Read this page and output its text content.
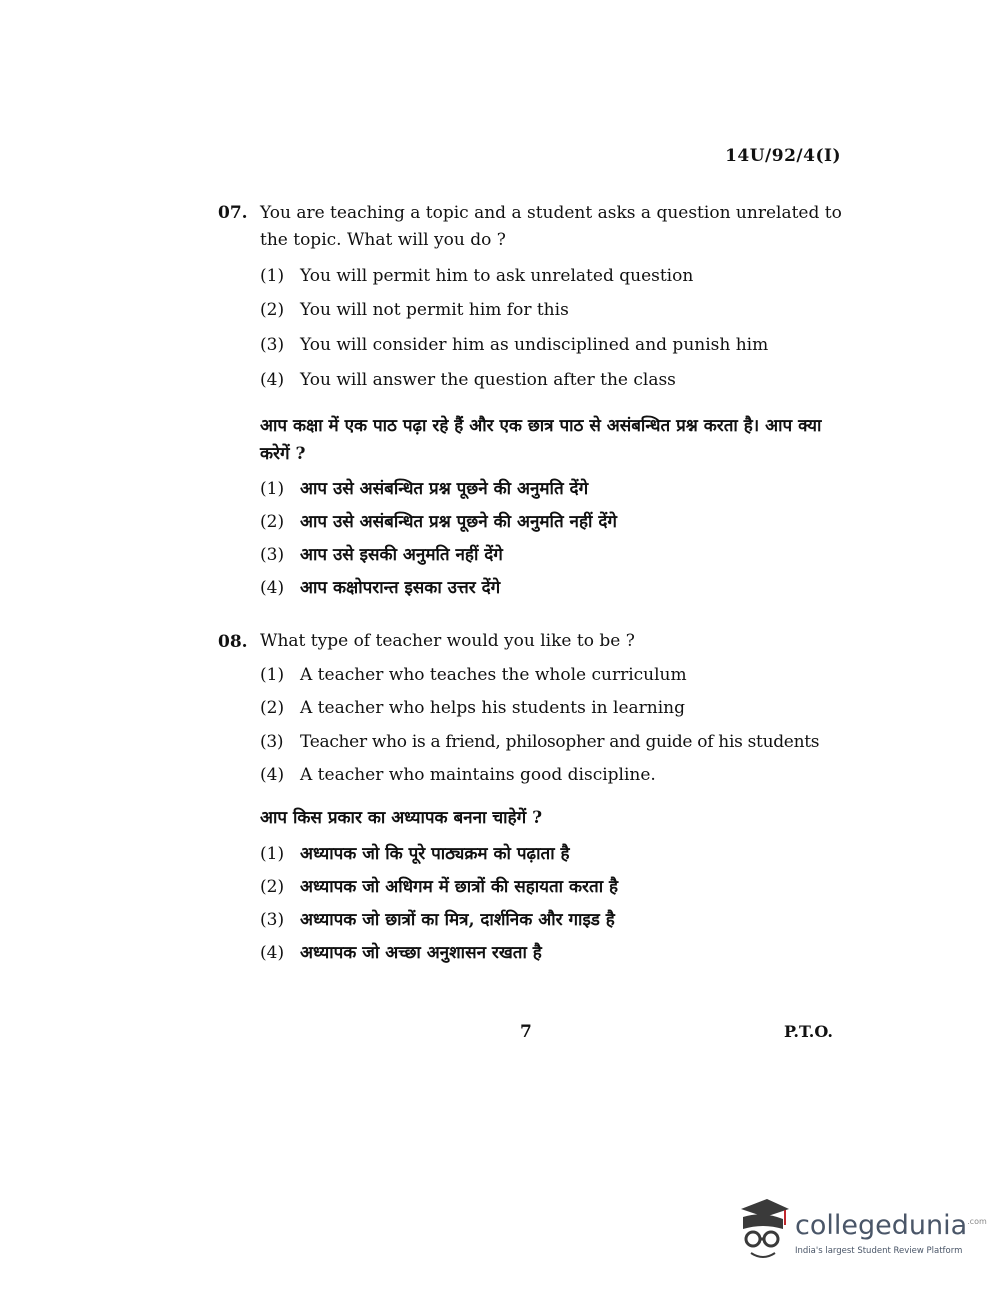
14U/92/4(I)
07. You are teaching a topic and a student asks a question unrelated to the topic. What will you do ?
(1) You will permit him to ask unrelated question
(2) You will not permit him for this
(3) You will consider him as undisciplined and punish him
(4) You will answer the question after the class
आप कक्षा में एक पाठ पढ़ा रहे हैं और एक छात्र पाठ से असंबन्धित प्रश्न करता है। आप क्या करेगें ?
(1) आप उसे असंबन्धित प्रश्न पूछने की अनुमति देंगे
(2) आप उसे असंबन्धित प्रश्न पूछने की अनुमति नहीं देंगे
(3) आप उसे इसकी अनुमति नहीं देंगे
(4) आप कक्षोपरान्त इसका उत्तर देंगे
08. What type of teacher would you like to be ?
(1) A teacher who teaches the whole curriculum
(2) A teacher who helps his students in learning
(3) Teacher who is a friend, philosopher and guide of his students
(4) A teacher who maintains good discipline.
आप किस प्रकार का अध्यापक बनना चाहेगें ?
(1) अध्यापक जो कि पूरे पाठ्यक्रम को पढ़ाता है
(2) अध्यापक जो अधिगम में छात्रों की सहायता करता है
(3) अध्यापक जो छात्रों का मित्र, दार्शनिक और गाइड है
(4) अध्यापक जो अच्छा अनुशासन रखता है
7	P.T.O.
collegedunia$^{.com}$
India's largest Student Review Platform
